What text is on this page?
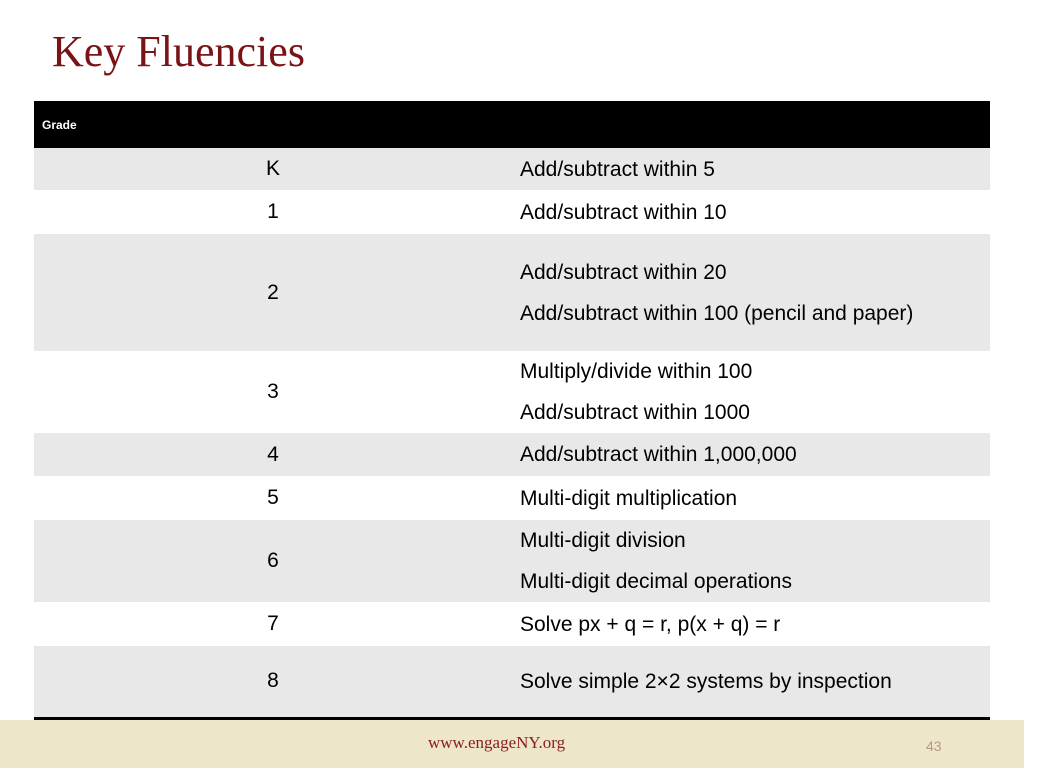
Key Fluencies
Grade	Required Fluency
K	Add/subtract within 5

1	Add/subtract within 10

2	Add/subtract within 20
Add/subtract within 100 (pencil and paper)

3	Multiply/divide within 100
Add/subtract within 1000

4	Add/subtract within 1,000,000

5	Multi-digit multiplication

6	Multi-digit division
Multi-digit decimal operations

7	Solve px + q = r, p(x + q) = r

8	Solve simple 2×2 systems by inspection
www.engageNY.org	43
